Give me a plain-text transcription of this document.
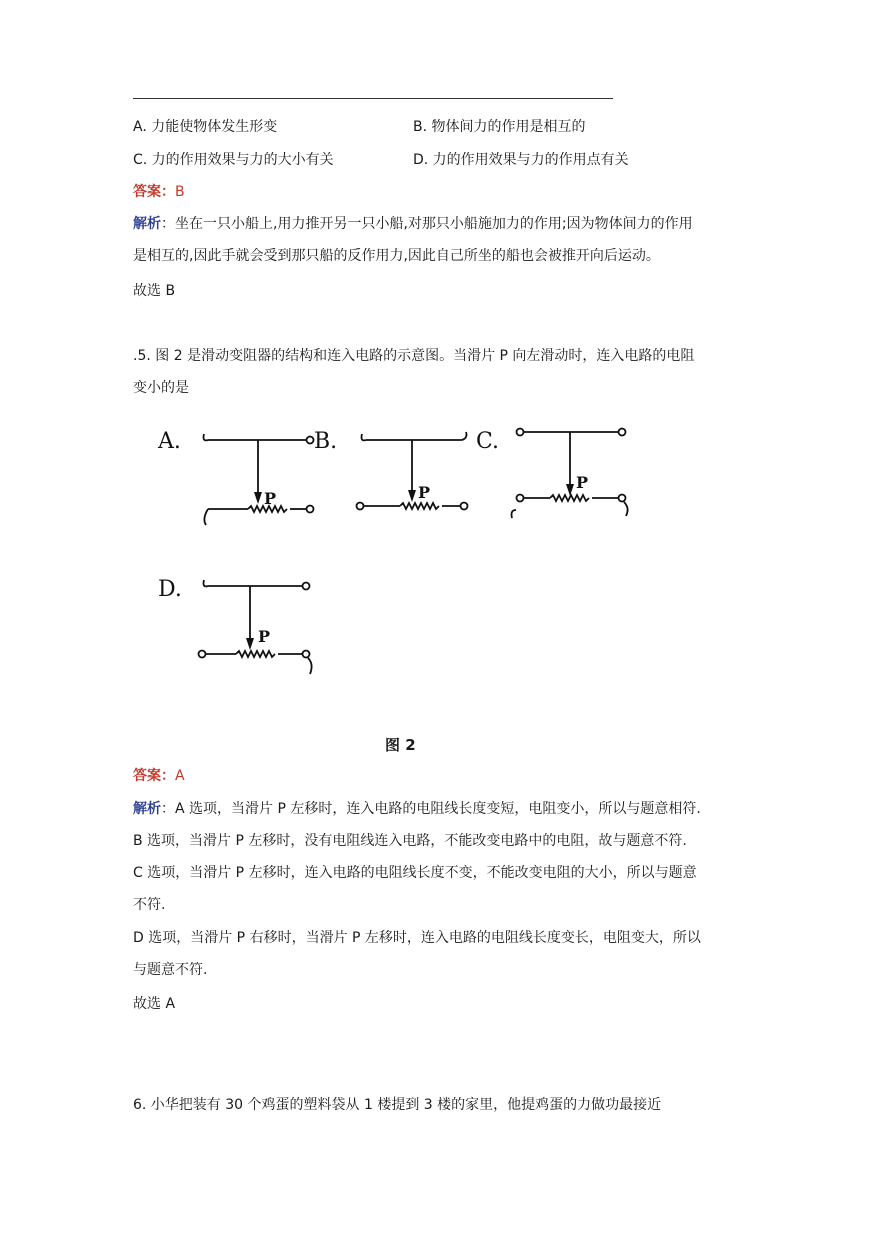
A. 力能使物体发生形变	B. 物体间力的作用是相互的
C. 力的作用效果与力的大小有关	D. 力的作用效果与力的作用点有关
答案：B
解析：坐在一只小船上,用力推开另一只小船,对那只小船施加力的作用;因为物体间力的作用
是相互的,因此手就会受到那只船的反作用力,因此自己所坐的船也会被推开向后运动。
故选 B
.5. 图 2 是滑动变阻器的结构和连入电路的示意图。当滑片 P 向左滑动时，连入电路的电阻
变小的是
A.
P
B.
P
C.
P
D.
P
图 2
答案：A
解析：A 选项，当滑片 P 左移时，连入电路的电阻线长度变短，电阻变小，所以与题意相符.
B 选项，当滑片 P 左移时，没有电阻线连入电路，不能改变电路中的电阻，故与题意不符.
C 选项，当滑片 P 左移时，连入电路的电阻线长度不变，不能改变电阻的大小，所以与题意
不符.
D 选项，当滑片 P 右移时，当滑片 P 左移时，连入电路的电阻线长度变长，电阻变大，所以
与题意不符.
故选 A
6. 小华把装有 30 个鸡蛋的塑料袋从 1 楼提到 3 楼的家里，他提鸡蛋的力做功最接近
